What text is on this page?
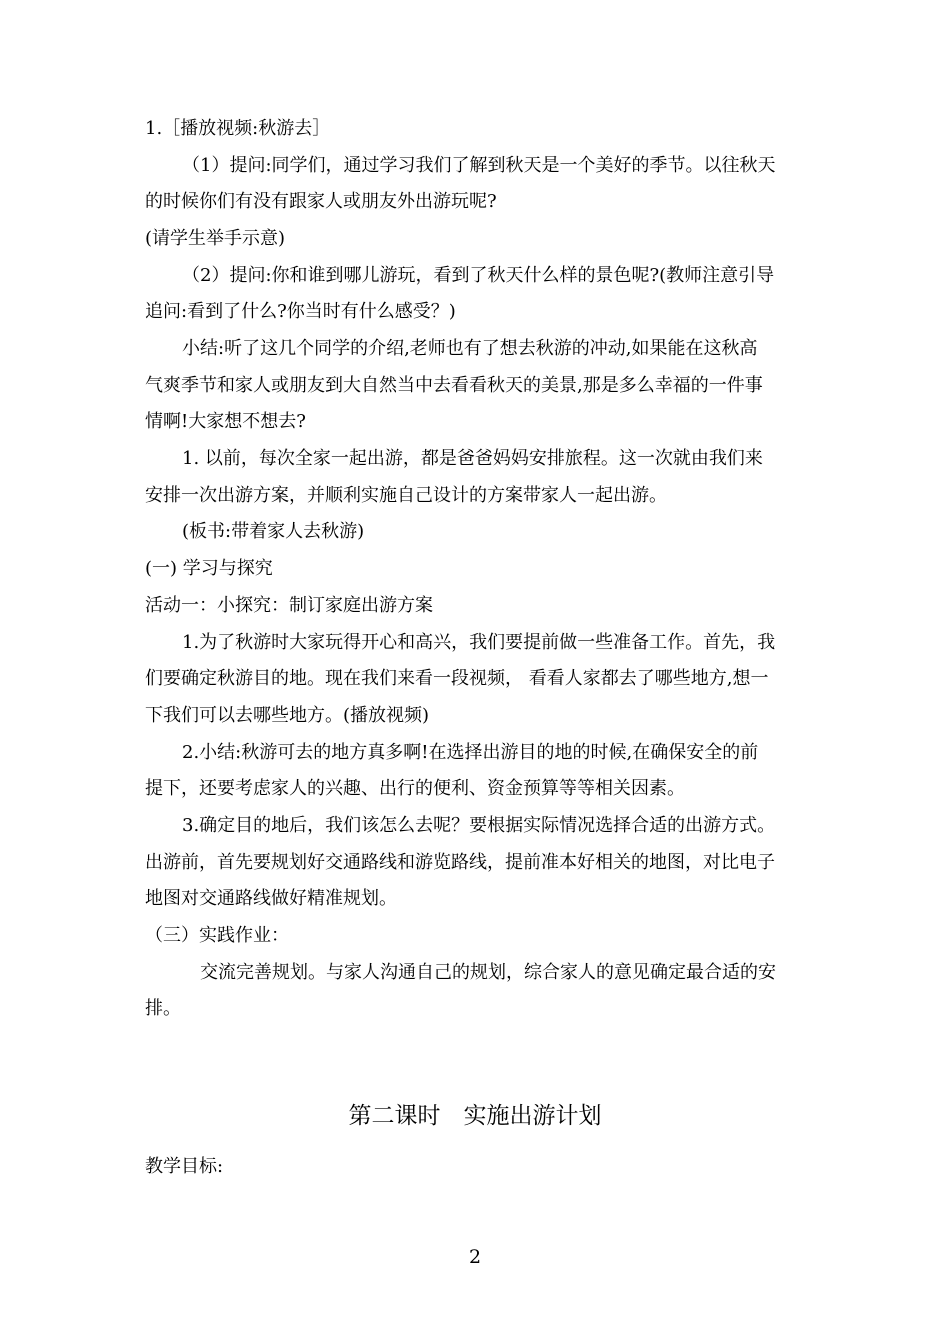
1.［播放视频:秋游去］
（1）提问:同学们，通过学习我们了解到秋天是一个美好的季节。以往秋天
的时候你们有没有跟家人或朋友外出游玩呢?
(请学生举手示意)
（2）提问:你和谁到哪儿游玩，看到了秋天什么样的景色呢?(教师注意引导
追问:看到了什么?你当时有什么感受？)
小结:听了这几个同学的介绍,老师也有了想去秋游的冲动,如果能在这秋高
气爽季节和家人或朋友到大自然当中去看看秋天的美景,那是多么幸福的一件事
情啊!大家想不想去?
1. 以前，每次全家一起出游，都是爸爸妈妈安排旅程。这一次就由我们来
安排一次出游方案，并顺利实施自己设计的方案带家人一起出游。
(板书:带着家人去秋游)
(一) 学习与探究
活动一：小探究：制订家庭出游方案
1.为了秋游时大家玩得开心和高兴，我们要提前做一些准备工作。首先，我
们要确定秋游目的地。现在我们来看一段视频， 看看人家都去了哪些地方,想一
下我们可以去哪些地方。(播放视频)
2.小结:秋游可去的地方真多啊!在选择出游目的地的时候,在确保安全的前
提下，还要考虑家人的兴趣、出行的便利、资金预算等等相关因素。
3.确定目的地后，我们该怎么去呢？要根据实际情况选择合适的出游方式。
出游前，首先要规划好交通路线和游览路线，提前准本好相关的地图，对比电子
地图对交通路线做好精准规划。
（三）实践作业：
交流完善规划。与家人沟通自己的规划，综合家人的意见确定最合适的安
排。
第二课时　实施出游计划
教学目标:
2
